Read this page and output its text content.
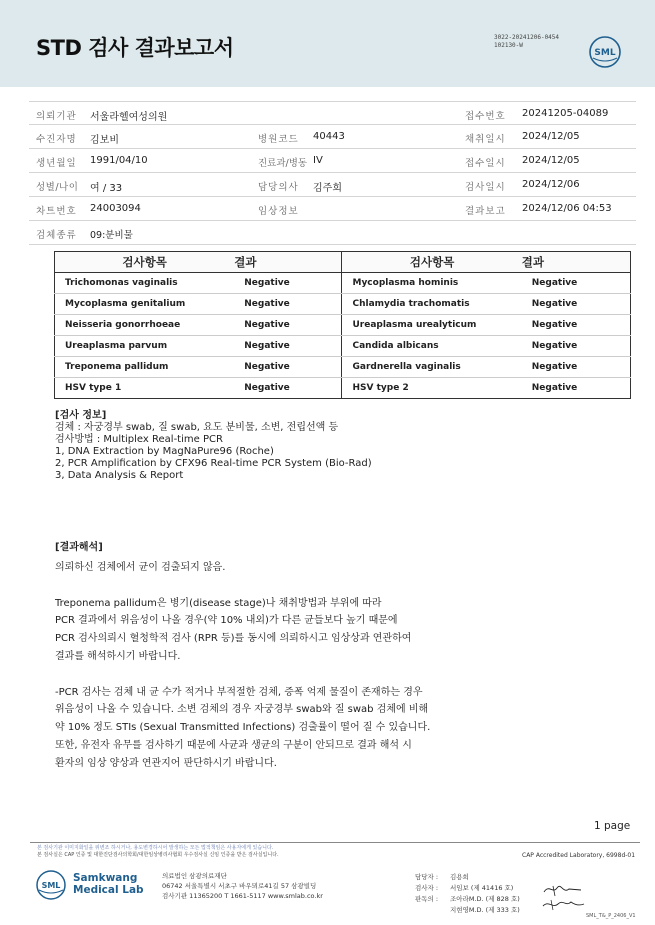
STD 검사 결과보고서	3022-20241206-0454
102130-W
SML
의뢰기관 서울라헬여성의원	접수번호 20241205-04089
수진자명 김보비	병원코드 40443	채취일시 2024/12/05
생년월일 1991/04/10	진료과/병동 IV	접수일시 2024/12/05
성별/나이 여 / 33	담당의사 김주희	검사일시 2024/12/06
차트번호 24003094	임상정보	결과보고 2024/12/06 04:53
검체종류 09:분비물
검사항목	결과	검사항목	결과
Trichomonas vaginalis	Negative	Mycoplasma hominis	Negative
Mycoplasma genitalium	Negative	Chlamydia trachomatis	Negative
Neisseria gonorrhoeae	Negative	Ureaplasma urealyticum	Negative
Ureaplasma parvum	Negative	Candida albicans	Negative
Treponema pallidum	Negative	Gardnerella vaginalis	Negative
HSV type 1	Negative	HSV type 2	Negative
[검사 정보]
검체 : 자궁경부 swab, 질 swab, 요도 분비물, 소변, 전립선액 등
검사방법 : Multiplex Real-time PCR
1, DNA Extraction by MagNaPure96 (Roche)
2, PCR Amplification by CFX96 Real-time PCR System (Bio-Rad)
3, Data Analysis & Report
[결과해석]

의뢰하신 검체에서 균이 검출되지 않음.

Treponema pallidum은 병기(disease stage)나 채취방법과 부위에 따라

PCR 결과에서 위음성이 나올 경우(약 10% 내외)가 다른 균들보다 높기 때문에

PCR 검사의뢰시 혈청학적 검사 (RPR 등)를 동시에 의뢰하시고 임상상과 연관하여

결과를 해석하시기 바랍니다.

-PCR 검사는 검체 내 균 수가 적거나 부적절한 검체, 증폭 억제 물질이 존재하는 경우

위음성이 나올 수 있습니다. 소변 검체의 경우 자궁경부 swab와 질 swab 검체에 비해

약 10% 정도 STIs (Sexual Transmitted Infections) 검출률이 떨어 질 수 있습니다.

또한, 유전자 유무를 검사하기 때문에 사균과 생균의 구분이 안되므로 결과 해석 시

환자의 임상 양상과 연관지어 판단하시기 바랍니다.

1 page
본 검사기관 이미지화일을 위변조 하시거나, 용도변경하시어 발생하는 모든 법적책임은 사용자에게 있습니다.
본 검사실은 CAP 인증 및 대한진단검사의학회/대한임상병리사협회 우수검사실 신임 인증을 받은 검사실입니다.	CAP Accredited Laboratory, 6998d-01
SML
Samkwang
Medical Lab
의료법인 삼광의료재단
06742 서울특별시 서초구 바우뫼로41길 57 삼광빌딩
검사기관 11365200 T 1661-5117 www.smlab.co.kr
담당자 : 김용희
검사자 : 서임보 (제 41416 호)
판독의 : 조아라M.D. (제 828 호)
지현영M.D. (제 333 호)
SML_T&_P_2406_V1
